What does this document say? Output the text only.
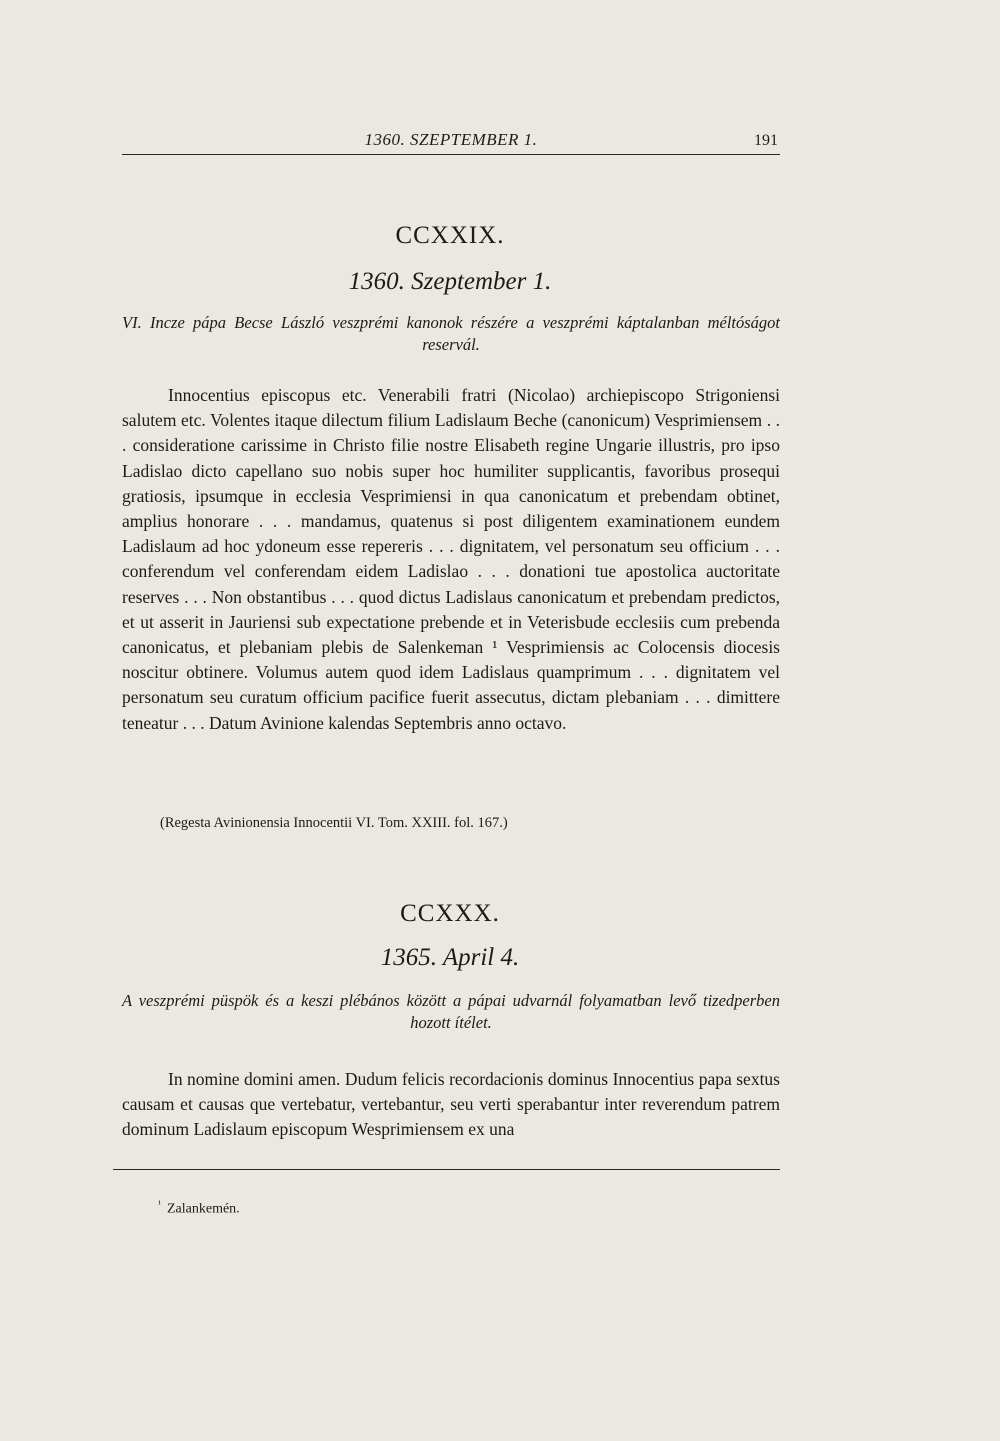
1360. SZEPTEMBER 1.	191
CCXXIX.
1360. Szeptember 1.
VI. Incze pápa Becse László veszprémi kanonok részére a veszprémi káptalanban méltóságot reservál.
Innocentius episcopus etc. Venerabili fratri (Nicolao) archiepiscopo Strigoniensi salutem etc. Volentes itaque dilectum filium Ladislaum Beche (canonicum) Vesprimiensem . . . consideratione carissime in Christo filie nostre Elisabeth regine Ungarie illustris, pro ipso Ladislao dicto capellano suo nobis super hoc humiliter supplicantis, favoribus prosequi gratiosis, ipsumque in ecclesia Vesprimiensi in qua canonicatum et prebendam obtinet, amplius honorare . . . mandamus, quatenus si post diligentem examinationem eundem Ladislaum ad hoc ydoneum esse repereris . . . dignitatem, vel personatum seu officium . . . conferendum vel conferendam eidem Ladislao . . . donationi tue apostolica auctoritate reserves . . . Non obstantibus . . . quod dictus Ladislaus canonicatum et prebendam predictos, et ut asserit in Jauriensi sub expectatione prebende et in Veterisbude ecclesiis cum prebenda canonicatus, et plebaniam plebis de Salenkeman ¹ Vesprimiensis ac Colocensis diocesis noscitur obtinere. Volumus autem quod idem Ladislaus quamprimum . . . dignitatem vel personatum seu curatum officium pacifice fuerit assecutus, dictam plebaniam . . . dimittere teneatur . . . Datum Avinione kalendas Septembris anno octavo.
(Regesta Avinionensia Innocentii VI. Tom. XXIII. fol. 167.)
CCXXX.
1365. April 4.
A veszprémi püspök és a keszi plébános között a pápai udvarnál folyamatban levő tizedperben hozott ítélet.
In nomine domini amen. Dudum felicis recordacionis dominus Innocentius papa sextus causam et causas que vertebatur, vertebantur, seu verti sperabantur inter reverendum patrem dominum Ladislaum episcopum Wesprimiensem ex una
$^{^1}$ Zalankemén.
